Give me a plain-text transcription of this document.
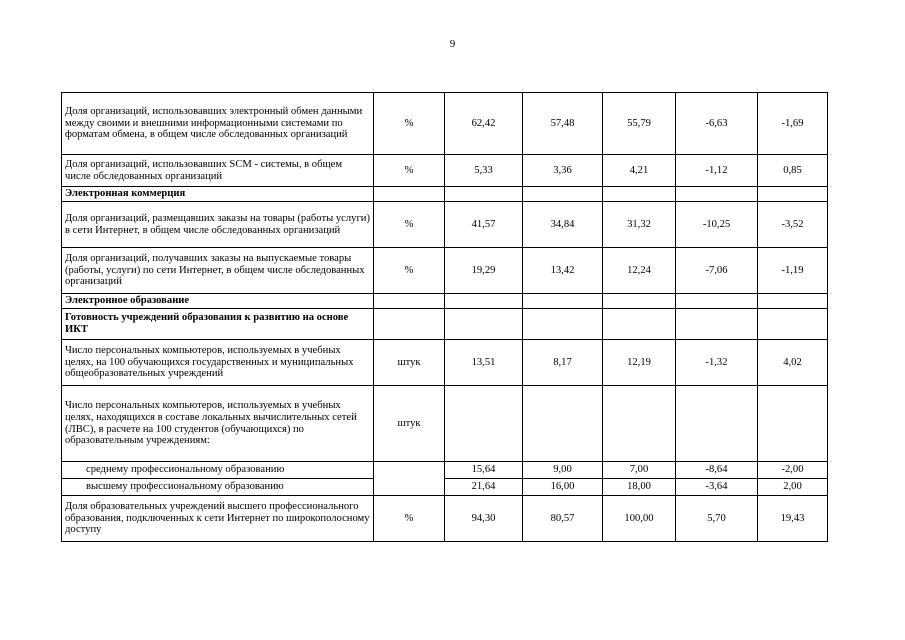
9
Доля организаций, использовавших электронный обмен данными между своими и внешними информационными системами по форматам обмена, в общем числе обследованных организаций	%	62,42	57,48	55,79	-6,63	-1,69
Доля организаций, использовавших SCM - системы, в общем числе обследованных организаций	%	5,33	3,36	4,21	-1,12	0,85
Электронная коммерция						
Доля организаций, размещавших заказы на товары (работы услуги) в сети Интернет, в общем числе обследованных организаций	%	41,57	34,84	31,32	-10,25	-3,52
Доля организаций, получавших заказы на выпускаемые товары (работы, услуги) по сети Интернет, в общем числе обследованных организаций	%	19,29	13,42	12,24	-7,06	-1,19
Электронное образование						
Готовность учреждений образования к развитию на основе ИКТ						
Число персональных компьютеров, используемых в учебных целях, на 100 обучающихся государственных и муниципальных общеобразовательных учреждений	штук	13,51	8,17	12,19	-1,32	4,02
Число персональных компьютеров, используемых в учебных целях, находящихся в составе локальных вычислительных сетей (ЛВС), в расчете на 100 студентов (обучающихся) по образовательным учреждениям:	штук					
среднему профессиональному образованию		15,64	9,00	7,00	-8,64	-2,00
высшему профессиональному образованию		21,64	16,00	18,00	-3,64	2,00
Доля образовательных учреждений высшего профессионального образования, подключенных к сети Интернет по широкополосному доступу	%	94,30	80,57	100,00	5,70	19,43
